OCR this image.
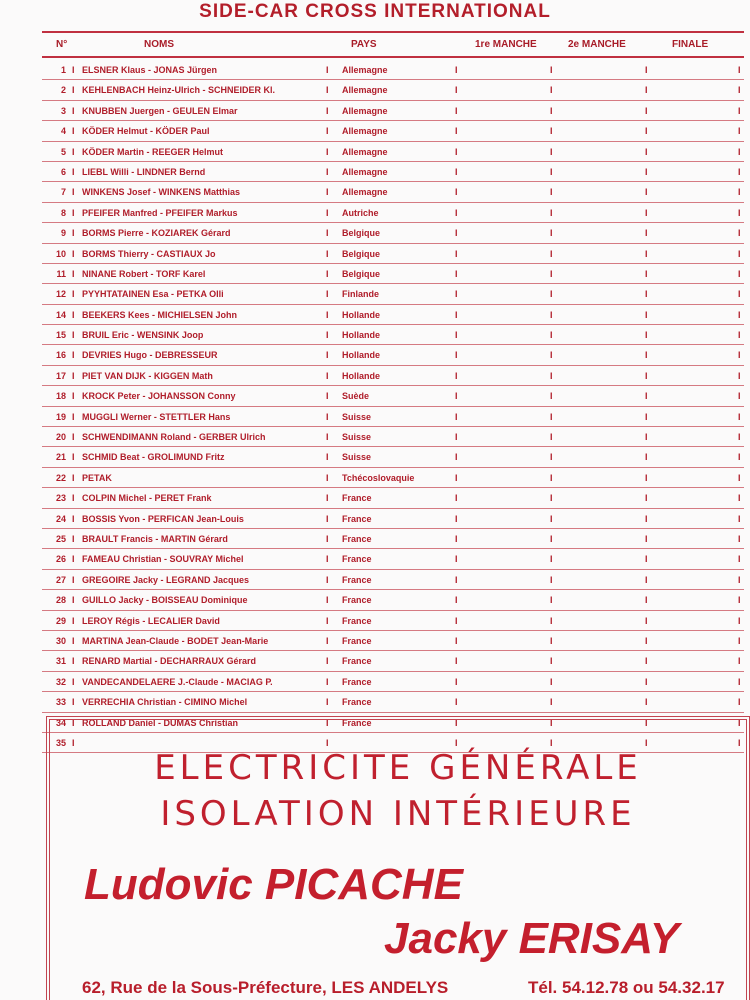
SIDE-CAR CROSS INTERNATIONAL
N°	NOMS	PAYS	1re MANCHE	2e MANCHE	FINALE
1 I ELSNER Klaus - JONAS Jürgen	I Allemagne	I	I	I	I
2 I KEHLENBACH Heinz-Ulrich - SCHNEIDER Kl.	I Allemagne	I	I	I	I
3 I KNUBBEN Juergen - GEULEN Elmar	I Allemagne	I	I	I	I
4 I KÖDER Helmut - KÖDER Paul	I Allemagne	I	I	I	I
5 I KÖDER Martin - REEGER Helmut	I Allemagne	I	I	I	I
6 I LIEBL Willi - LINDNER Bernd	I Allemagne	I	I	I	I
7 I WINKENS Josef - WINKENS Matthias	I Allemagne	I	I	I	I
8 I PFEIFER Manfred - PFEIFER Markus	I Autriche	I	I	I	I
9 I BORMS Pierre - KOZIAREK Gérard	I Belgique	I	I	I	I
10 I BORMS Thierry - CASTIAUX Jo	I Belgique	I	I	I	I
11 I NINANE Robert - TORF Karel	I Belgique	I	I	I	I
12 I PYYHTATAINEN Esa - PETKA Olli	I Finlande	I	I	I	I
14 I BEEKERS Kees - MICHIELSEN John	I Hollande	I	I	I	I
15 I BRUIL Eric - WENSINK Joop	I Hollande	I	I	I	I
16 I DEVRIES Hugo - DEBRESSEUR	I Hollande	I	I	I	I
17 I PIET VAN DIJK - KIGGEN Math	I Hollande	I	I	I	I
18 I KROCK Peter - JOHANSSON Conny	I Suède	I	I	I	I
19 I MUGGLI Werner - STETTLER Hans	I Suisse	I	I	I	I
20 I SCHWENDIMANN Roland - GERBER Ulrich	I Suisse	I	I	I	I
21 I SCHMID Beat - GROLIMUND Fritz	I Suisse	I	I	I	I
22 I PETAK	I Tchécoslovaquie	I	I	I	I
23 I COLPIN Michel - PERET Frank	I France	I	I	I	I
24 I BOSSIS Yvon - PERFICAN Jean-Louis	I France	I	I	I	I
25 I BRAULT Francis - MARTIN Gérard	I France	I	I	I	I
26 I FAMEAU Christian - SOUVRAY Michel	I France	I	I	I	I
27 I GREGOIRE Jacky - LEGRAND Jacques	I France	I	I	I	I
28 I GUILLO Jacky - BOISSEAU Dominique	I France	I	I	I	I
29 I LEROY Régis - LECALIER David	I France	I	I	I	I
30 I MARTINA Jean-Claude - BODET Jean-Marie	I France	I	I	I	I
31 I RENARD Martial - DECHARRAUX Gérard	I France	I	I	I	I
32 I VANDECANDELAERE J.-Claude - MACIAG P.	I France	I	I	I	I
33 I VERRECHIA Christian - CIMINO Michel	I France	I	I	I	I
34 I ROLLAND Daniel - DUMAS Christian	I France	I	I	I	I
35 I	I	I	I	I	I
ELECTRICITE GÉNÉRALE
ISOLATION INTÉRIEURE
Ludovic PICACHE
Jacky ERISAY
62, Rue de la Sous-Préfecture, LES ANDELYS	Tél. 54.12.78 ou 54.32.17
